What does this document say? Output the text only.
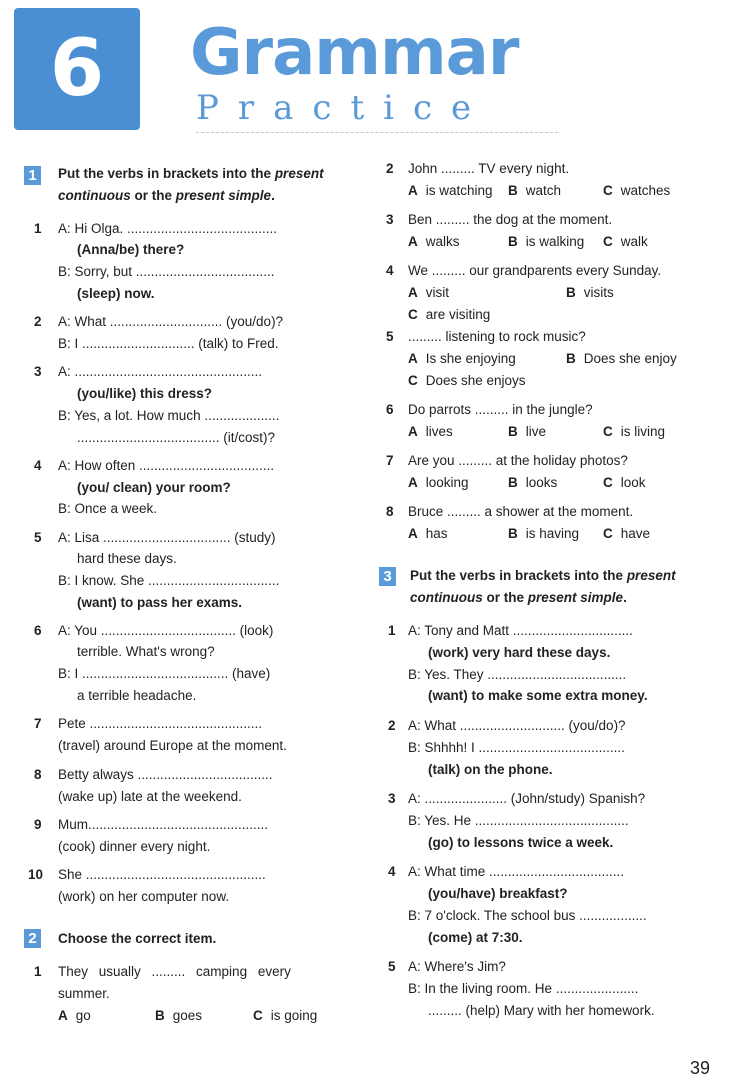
6	Grammar
Practice
1	Put the verbs in brackets into the present continuous or the present simple.
1 A: Hi Olga. ........................................
(Anna/be) there?
B: Sorry, but .....................................
(sleep) now.
2 A: What .............................. (you/do)?
B: I .............................. (talk) to Fred.
3 A: ..................................................
(you/like) this dress?
B: Yes, a lot. How much ....................
...................................... (it/cost)?
4 A: How often ....................................
(you/ clean) your room?
B: Once a week.
5 A: Lisa .................................. (study)
hard these days.
B: I know. She ...................................
(want) to pass her exams.
6 A: You .................................... (look)
terrible. What's wrong?
B: I ....................................... (have)
a terrible headache.
7 Pete ..............................................
(travel) around Europe at the moment.
8 Betty always ....................................
(wake up) late at the weekend.
9 Mum................................................
(cook) dinner every night.
10 She ................................................
(work) on her computer now.
2	Choose the correct item.
1 They usually ......... camping every
summer.
A go	B goes	C is going
2 John ......... TV every night.
A is watching B watch	C watches
3 Ben ......... the dog at the moment.
A walks	B is walking C walk
4 We ......... our grandparents every Sunday.
A visit	B visits
C are visiting
5 ......... listening to rock music?
A Is she enjoying	B Does she enjoy
C Does she enjoys
6 Do parrots ......... in the jungle?
A lives	B live	C is living
7 Are you ......... at the holiday photos?
A looking	B looks	C look
8 Bruce ......... a shower at the moment.
A has	B is having C have
3	Put the verbs in brackets into the present continuous or the present simple.
1 A: Tony and Matt ................................
(work) very hard these days.
B: Yes. They .....................................
(want) to make some extra money.
2 A: What ............................ (you/do)?
B: Shhhh! I .......................................
(talk) on the phone.
3 A: ...................... (John/study) Spanish?
B: Yes. He .........................................
(go) to lessons twice a week.
4 A: What time ....................................
(you/have) breakfast?
B: 7 o'clock. The school bus ..................
(come) at 7:30.
5 A: Where's Jim?
B: In the living room. He ......................
......... (help) Mary with her homework.
39
